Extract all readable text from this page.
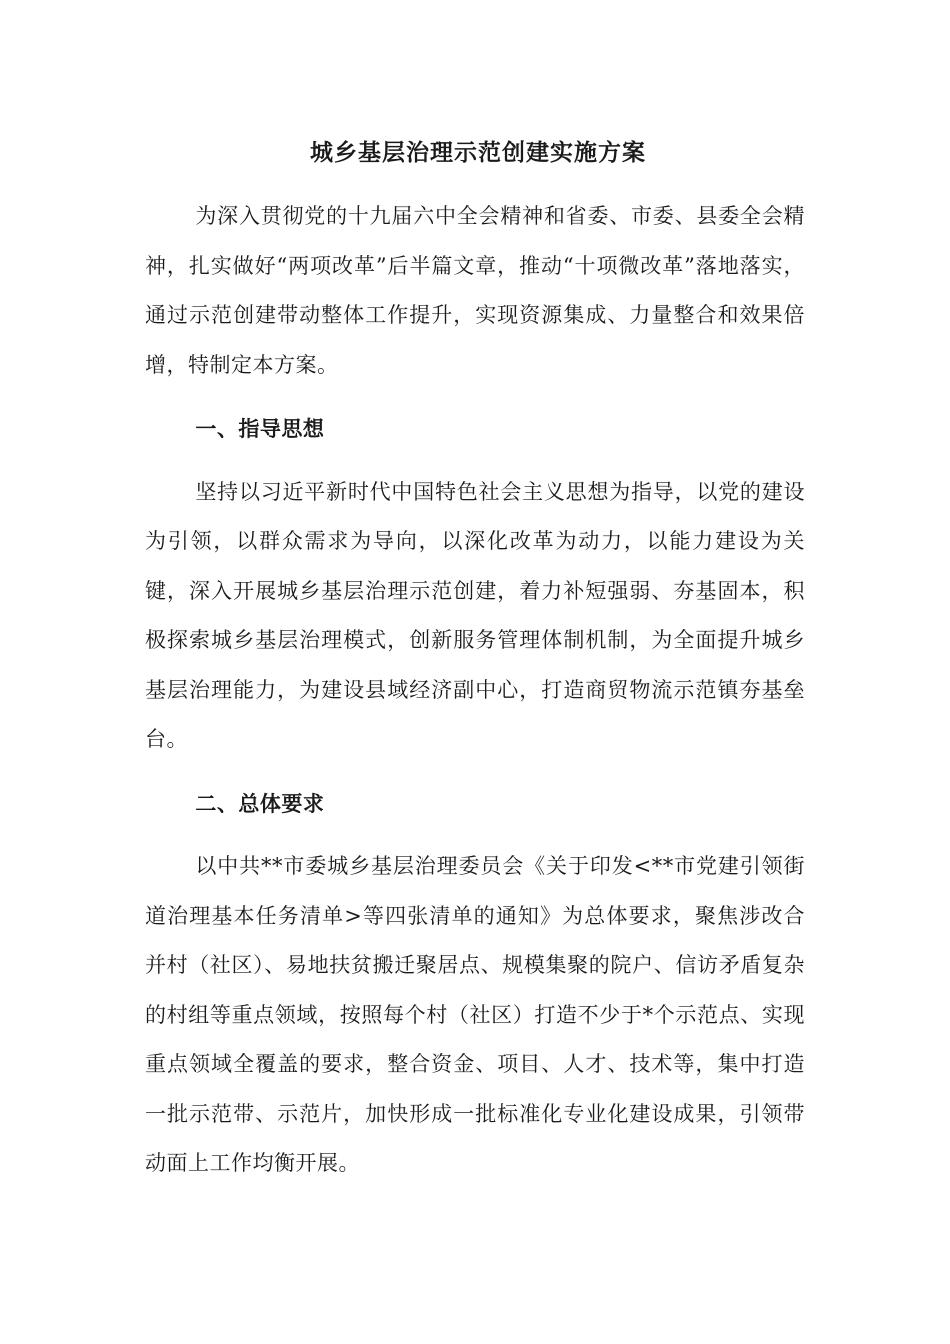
城乡基层治理示范创建实施方案

为深入贯彻党的十九届六中全会精神和省委、市委、县委全会精神，扎实做好“两项改革”后半篇文章，推动“十项微改革”落地落实，通过示范创建带动整体工作提升，实现资源集成、力量整合和效果倍增，特制定本方案。

一、指导思想

坚持以习近平新时代中国特色社会主义思想为指导，以党的建设为引领，以群众需求为导向，以深化改革为动力，以能力建设为关键，深入开展城乡基层治理示范创建，着力补短强弱、夯基固本，积极探索城乡基层治理模式，创新服务管理体制机制，为全面提升城乡基层治理能力，为建设县域经济副中心，打造商贸物流示范镇夯基垒台。

二、总体要求

以中共**市委城乡基层治理委员会《关于印发<**市党建引领街道治理基本任务清单>等四张清单的通知》为总体要求，聚焦涉改合并村（社区）、易地扶贫搬迁聚居点、规模集聚的院户、信访矛盾复杂的村组等重点领域，按照每个村（社区）打造不少于*个示范点、实现重点领域全覆盖的要求，整合资金、项目、人才、技术等，集中打造一批示范带、示范片，加快形成一批标准化专业化建设成果，引领带动面上工作均衡开展。
